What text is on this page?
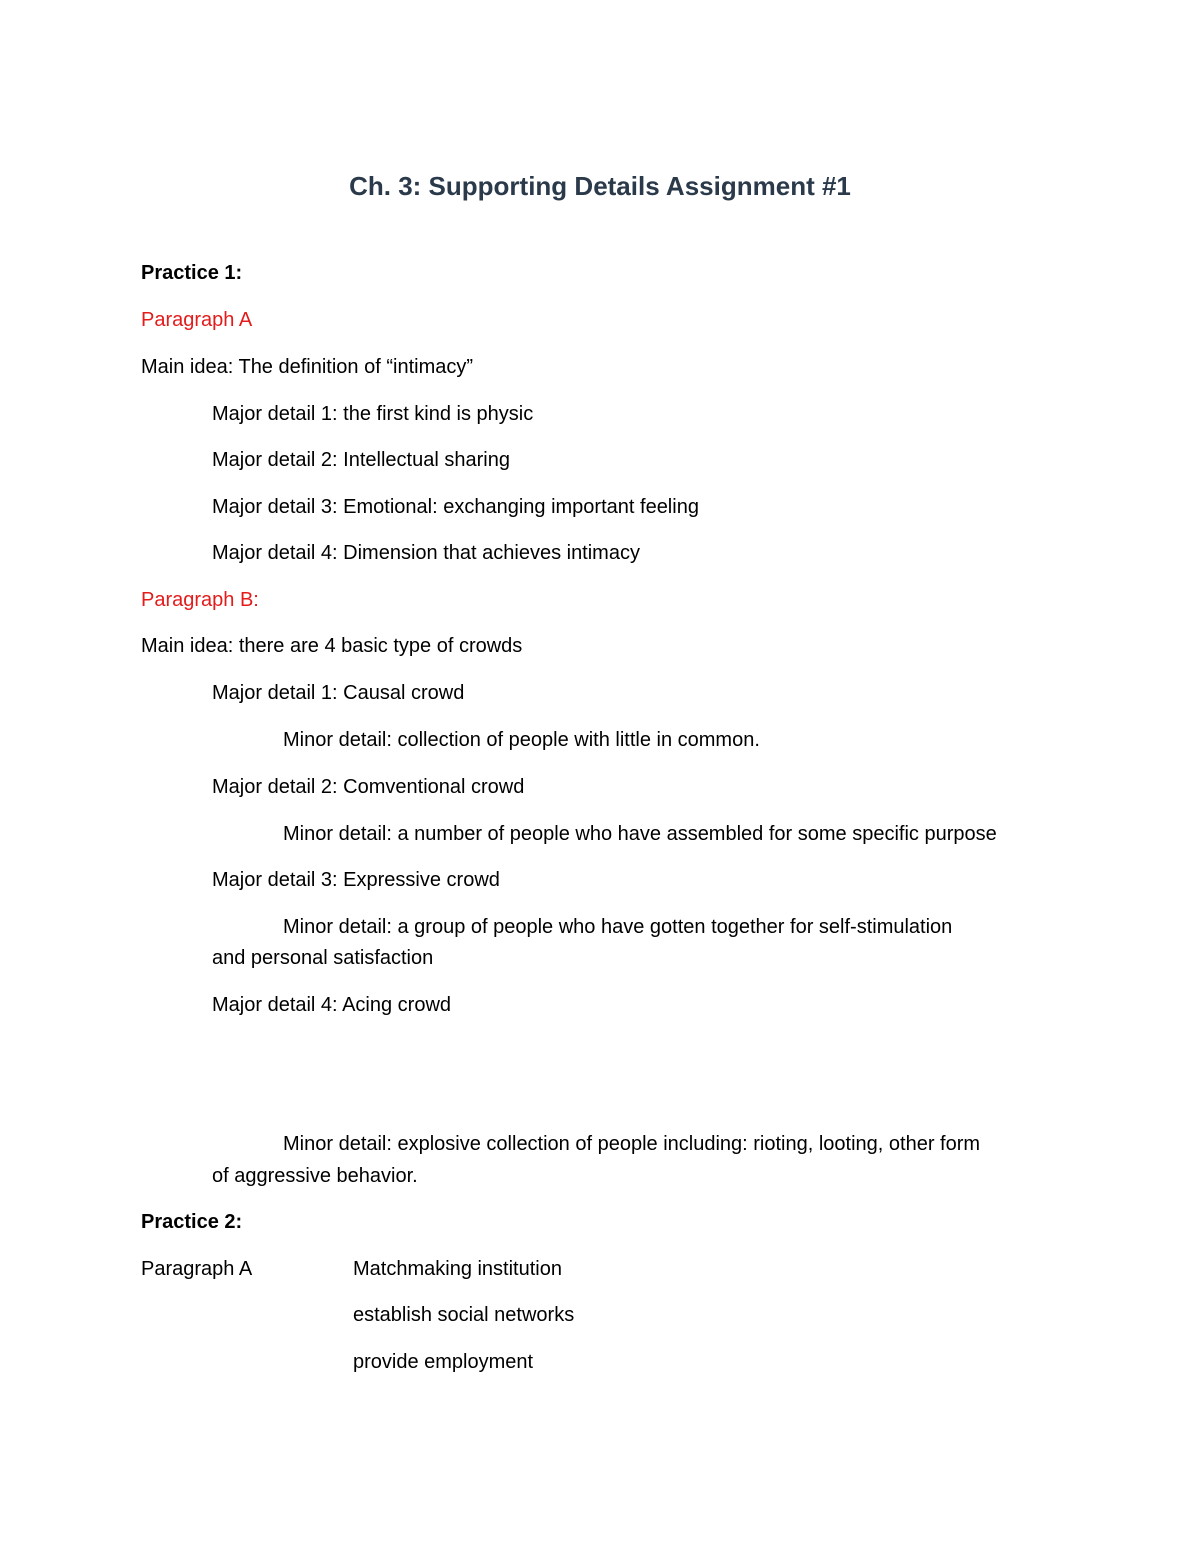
Ch. 3: Supporting Details Assignment #1
Practice 1:
Paragraph A
Main idea: The definition of “intimacy”
Major detail 1: the first kind is physic
Major detail 2: Intellectual sharing
Major detail 3: Emotional: exchanging important feeling
Major detail 4: Dimension that achieves intimacy
Paragraph B:
Main idea: there are 4 basic type of crowds
Major detail 1: Causal crowd
Minor detail: collection of people with little in common.
Major detail 2: Comventional crowd
Minor detail: a number of people who have assembled for some specific purpose
Major detail 3: Expressive crowd
Minor detail: a group of people who have gotten together for self-stimulation
and personal satisfaction
Major detail 4: Acing crowd
Minor detail: explosive collection of people including: rioting, looting, other form
of aggressive behavior.
Practice 2:
Paragraph A	Matchmaking institution
establish social networks
provide employment
